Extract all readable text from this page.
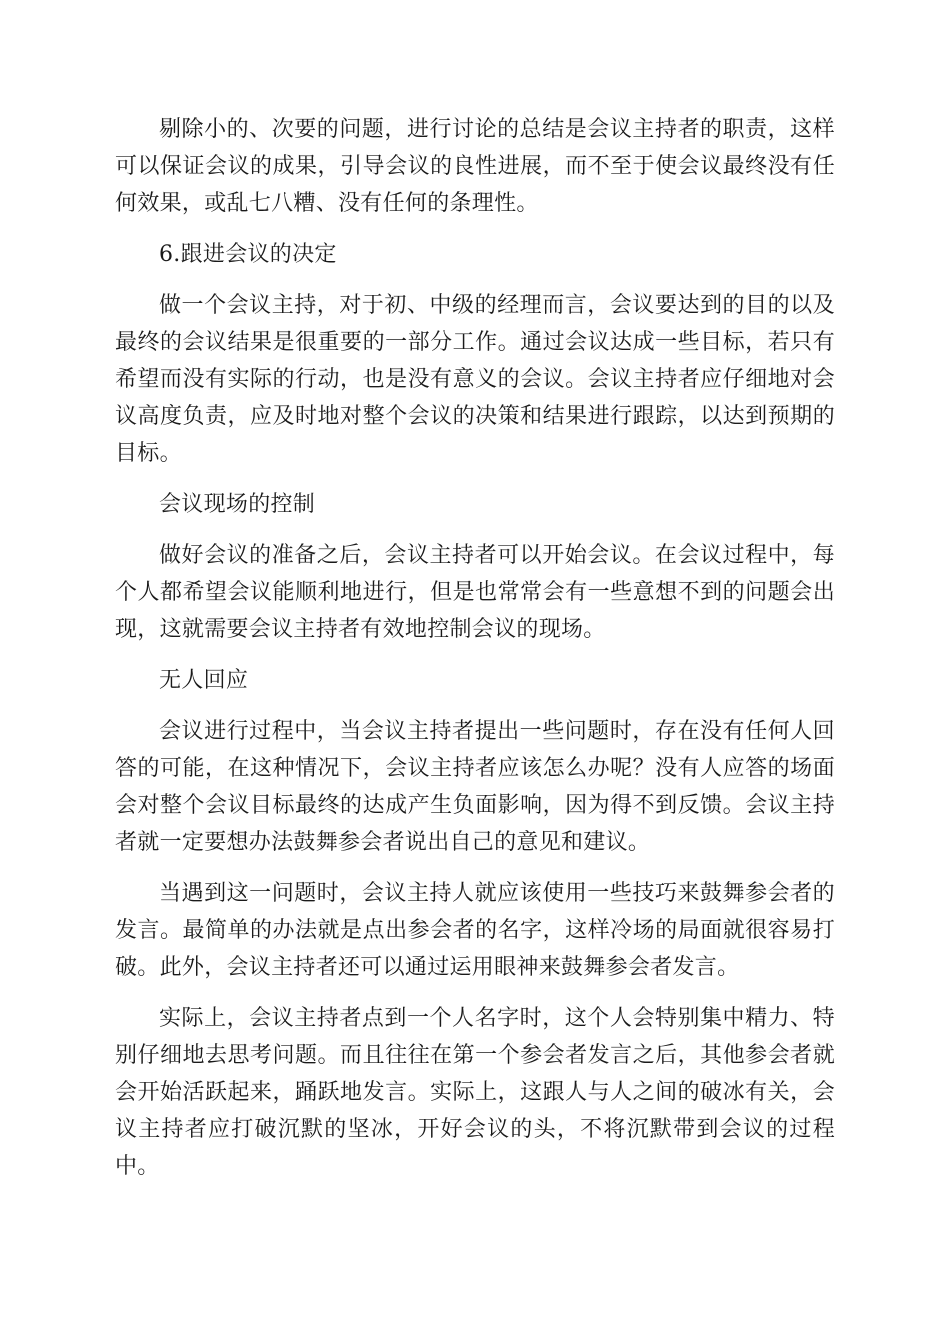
剔除小的、次要的问题，进行讨论的总结是会议主持者的职责，这样可以保证会议的成果，引导会议的良性进展，而不至于使会议最终没有任何效果，或乱七八糟、没有任何的条理性。

6.跟进会议的决定

做一个会议主持，对于初、中级的经理而言，会议要达到的目的以及最终的会议结果是很重要的一部分工作。通过会议达成一些目标，若只有希望而没有实际的行动，也是没有意义的会议。会议主持者应仔细地对会议高度负责，应及时地对整个会议的决策和结果进行跟踪，以达到预期的目标。

会议现场的控制

做好会议的准备之后，会议主持者可以开始会议。在会议过程中，每个人都希望会议能顺利地进行，但是也常常会有一些意想不到的问题会出现，这就需要会议主持者有效地控制会议的现场。

无人回应

会议进行过程中，当会议主持者提出一些问题时，存在没有任何人回答的可能，在这种情况下，会议主持者应该怎么办呢？没有人应答的场面会对整个会议目标最终的达成产生负面影响，因为得不到反馈。会议主持者就一定要想办法鼓舞参会者说出自己的意见和建议。

当遇到这一问题时，会议主持人就应该使用一些技巧来鼓舞参会者的发言。最简单的办法就是点出参会者的名字，这样冷场的局面就很容易打破。此外，会议主持者还可以通过运用眼神来鼓舞参会者发言。

实际上，会议主持者点到一个人名字时，这个人会特别集中精力、特别仔细地去思考问题。而且往往在第一个参会者发言之后，其他参会者就会开始活跃起来，踊跃地发言。实际上，这跟人与人之间的破冰有关，会议主持者应打破沉默的坚冰，开好会议的头，不将沉默带到会议的过程中。
